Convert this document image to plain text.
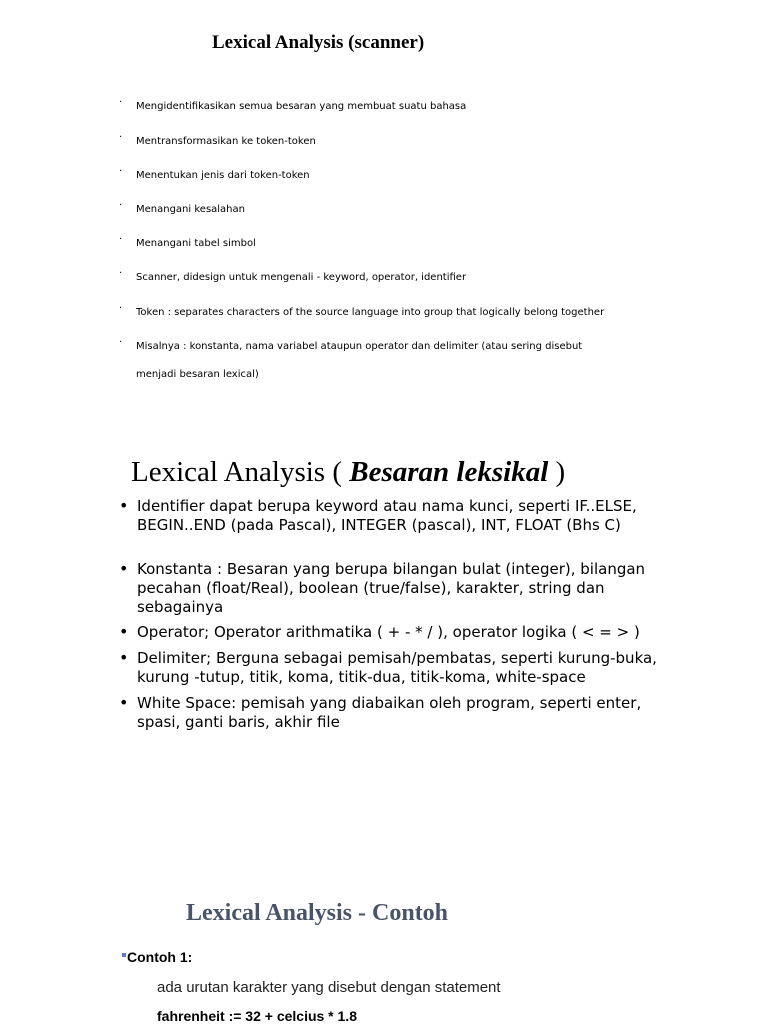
Lexical Analysis (scanner)
· Mengidentifikasikan semua besaran yang membuat suatu bahasa
· Mentransformasikan ke token-token
· Menentukan jenis dari token-token
· Menangani kesalahan
· Menangani tabel simbol
· Scanner, didesign untuk mengenali - keyword, operator, identifier
· Token : separates characters of the source language into group that logically belong together
· Misalnya : konstanta, nama variabel ataupun operator dan delimiter (atau sering disebut
menjadi besaran lexical)
Lexical Analysis ( Besaran leksikal )
• Identifier dapat berupa keyword atau nama kunci, seperti IF..ELSE, BEGIN..END (pada Pascal), INTEGER (pascal), INT, FLOAT (Bhs C)
• Konstanta : Besaran yang berupa bilangan bulat (integer), bilangan pecahan (float/Real), boolean (true/false), karakter, string dan sebagainya
• Operator; Operator arithmatika ( + - * / ), operator logika ( < = > )
• Delimiter; Berguna sebagai pemisah/pembatas, seperti kurung-buka, kurung -tutup, titik, koma, titik-dua, titik-koma, white-space
• White Space: pemisah yang diabaikan oleh program, seperti enter, spasi, ganti baris, akhir file
Lexical Analysis - Contoh
Contoh 1:
ada urutan karakter yang disebut dengan statement
fahrenheit := 32 + celcius * 1.8
